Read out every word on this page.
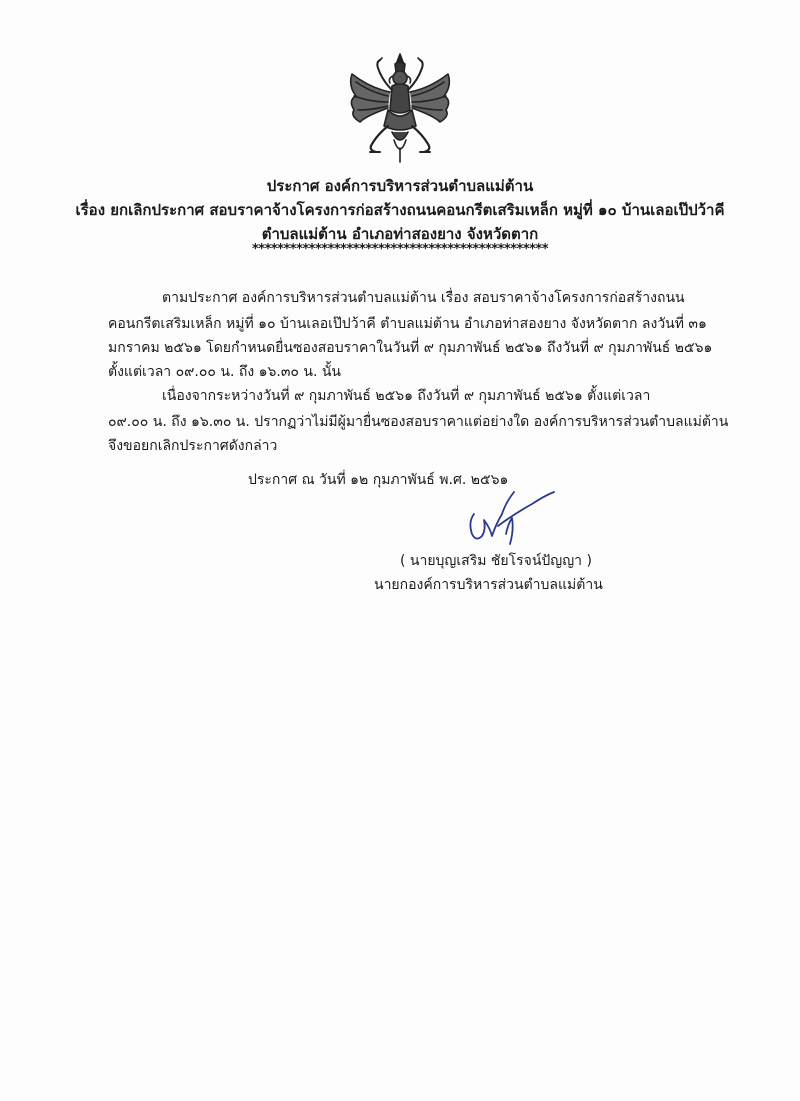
ประกาศ องค์การบริหารส่วนตำบลแม่ต้าน
เรื่อง ยกเลิกประกาศ สอบราคาจ้างโครงการก่อสร้างถนนคอนกรีตเสริมเหล็ก หมู่ที่ ๑๐ บ้านเลอเป๊ปว้าคี
ตำบลแม่ต้าน อำเภอท่าสองยาง จังหวัดตาก
***********************************************
ตามประกาศ องค์การบริหารส่วนตำบลแม่ต้าน เรื่อง สอบราคาจ้างโครงการก่อสร้างถนน
คอนกรีตเสริมเหล็ก หมู่ที่ ๑๐ บ้านเลอเป๊ปว้าคี ตำบลแม่ต้าน อำเภอท่าสองยาง จังหวัดตาก ลงวันที่ ๓๑
มกราคม ๒๕๖๑ โดยกำหนดยื่นซองสอบราคาในวันที่ ๙ กุมภาพันธ์ ๒๕๖๑ ถึงวันที่ ๙ กุมภาพันธ์ ๒๕๖๑
ตั้งแต่เวลา ๐๙.๐๐ น. ถึง ๑๖.๓๐ น. นั้น
เนื่องจากระหว่างวันที่ ๙ กุมภาพันธ์ ๒๕๖๑ ถึงวันที่ ๙ กุมภาพันธ์ ๒๕๖๑ ตั้งแต่เวลา
๐๙.๐๐ น. ถึง ๑๖.๓๐ น. ปรากฏว่าไม่มีผู้มายื่นซองสอบราคาแต่อย่างใด องค์การบริหารส่วนตำบลแม่ต้าน
จึงขอยกเลิกประกาศดังกล่าว
ประกาศ ณ วันที่ ๑๒ กุมภาพันธ์ พ.ศ. ๒๕๖๑
( นายบุญเสริม ชัยโรจน์ปัญญา )
นายกองค์การบริหารส่วนตำบลแม่ต้าน
